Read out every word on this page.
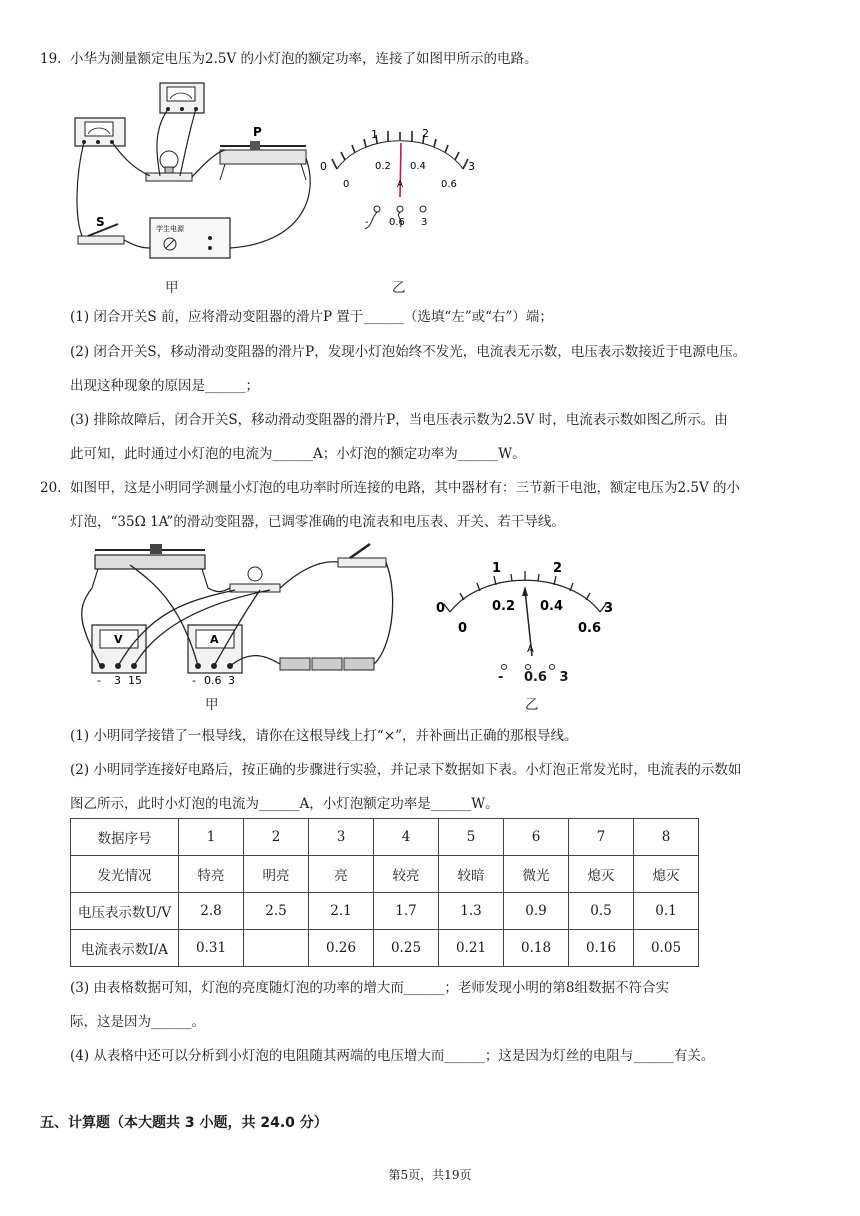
19. 小华为测量额定电压为2.5V 的小灯泡的额定功率，连接了如图甲所示的电路。
P
S	学生电源
甲
1	2
0	3
0
0.2 0.4
0.6
A
- 0.6 3
乙
(1) 闭合开关S 前，应将滑动变阻器的滑片P 置于______（选填“左”或“右”）端；
(2) 闭合开关S，移动滑动变阻器的滑片P，发现小灯泡始终不发光，电流表无示数，电压表示数接近于电源电压。
出现这种现象的原因是______；
(3) 排除故障后，闭合开关S，移动滑动变阻器的滑片P，当电压表示数为2.5V 时，电流表示数如图乙所示。由
此可知，此时通过小灯泡的电流为______A；小灯泡的额定功率为______W。
20. 如图甲，这是小明同学测量小灯泡的电功率时所连接的电路，其中器材有：三节新干电池，额定电压为2.5V 的小
灯泡，“35Ω 1A”的滑动变阻器，已调零准确的电流表和电压表、开关、若干导线。
V
- 3 15
A
- 0.6 3
甲
1	2
0	3
0
0.2 0.4
0.6
A
- 0.6 3
乙
(1) 小明同学接错了一根导线，请你在这根导线上打“×”，并补画出正确的那根导线。
(2) 小明同学连接好电路后，按正确的步骤进行实验，并记录下数据如下表。小灯泡正常发光时，电流表的示数如
图乙所示，此时小灯泡的电流为______A，小灯泡额定功率是______W。
数据序号	1	2	3	4	5	6	7	8
发光情况	特亮	明亮	亮	较亮	较暗	微光	熄灭	熄灭
电压表示数U/V	2.8	2.5	2.1	1.7	1.3	0.9	0.5	0.1
电流表示数I/A	0.31		0.26	0.25	0.21	0.18	0.16	0.05
(3) 由表格数据可知，灯泡的亮度随灯泡的功率的增大而______；老师发现小明的第8组数据不符合实
际，这是因为______。
(4) 从表格中还可以分析到小灯泡的电阻随其两端的电压增大而______；这是因为灯丝的电阻与______有关。
五、计算题（本大题共 3 小题，共 24.0 分）
第5页，共19页
